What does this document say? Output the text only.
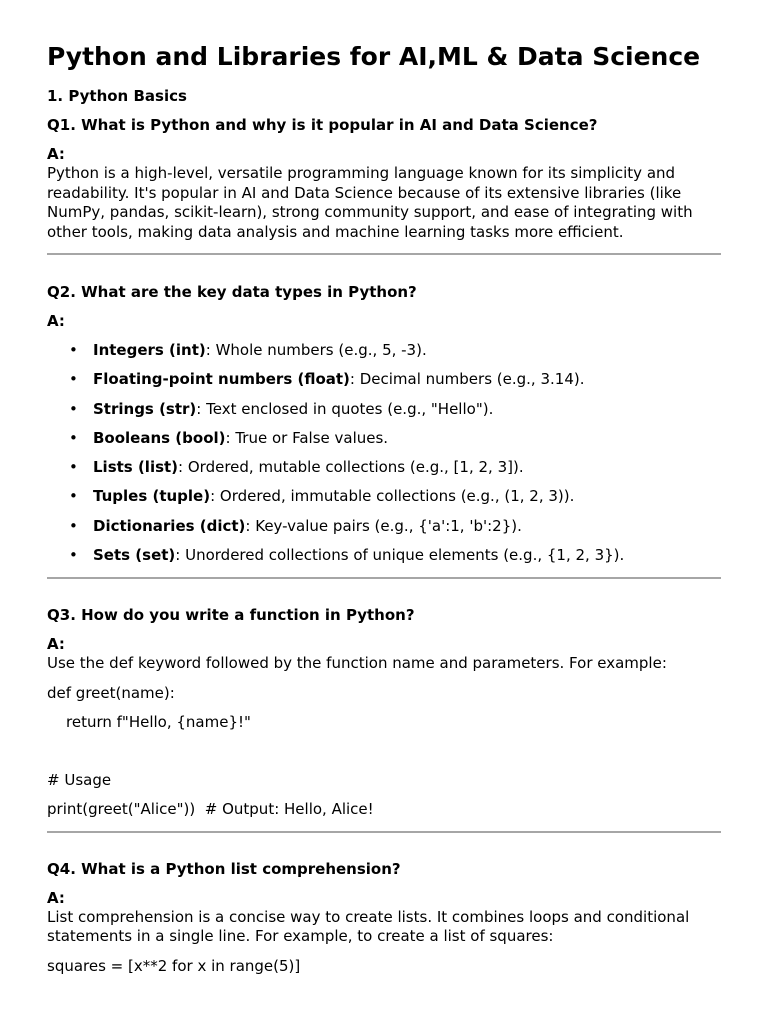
Python and Libraries for AI,ML & Data Science
1. Python Basics
Q1. What is Python and why is it popular in AI and Data Science?
A:

Python is a high-level, versatile programming language known for its simplicity and readability. It's popular in AI and Data Science because of its extensive libraries (like NumPy, pandas, scikit-learn), strong community support, and ease of integrating with other tools, making data analysis and machine learning tasks more efficient.

Q2. What are the key data types in Python?
A:
• Integers (int): Whole numbers (e.g., 5, -3).
• Floating-point numbers (float): Decimal numbers (e.g., 3.14).
• Strings (str): Text enclosed in quotes (e.g., "Hello").
• Booleans (bool): True or False values.
• Lists (list): Ordered, mutable collections (e.g., [1, 2, 3]).
• Tuples (tuple): Ordered, immutable collections (e.g., (1, 2, 3)).
• Dictionaries (dict): Key-value pairs (e.g., {'a':1, 'b':2}).
• Sets (set): Unordered collections of unique elements (e.g., {1, 2, 3}).
Q3. How do you write a function in Python?
A:

Use the def keyword followed by the function name and parameters. For example:

def greet(name):
return f"Hello, {name}!"
# Usage
print(greet("Alice"))  # Output: Hello, Alice!
Q4. What is a Python list comprehension?
A:

List comprehension is a concise way to create lists. It combines loops and conditional statements in a single line. For example, to create a list of squares:

squares = [x**2 for x in range(5)]
